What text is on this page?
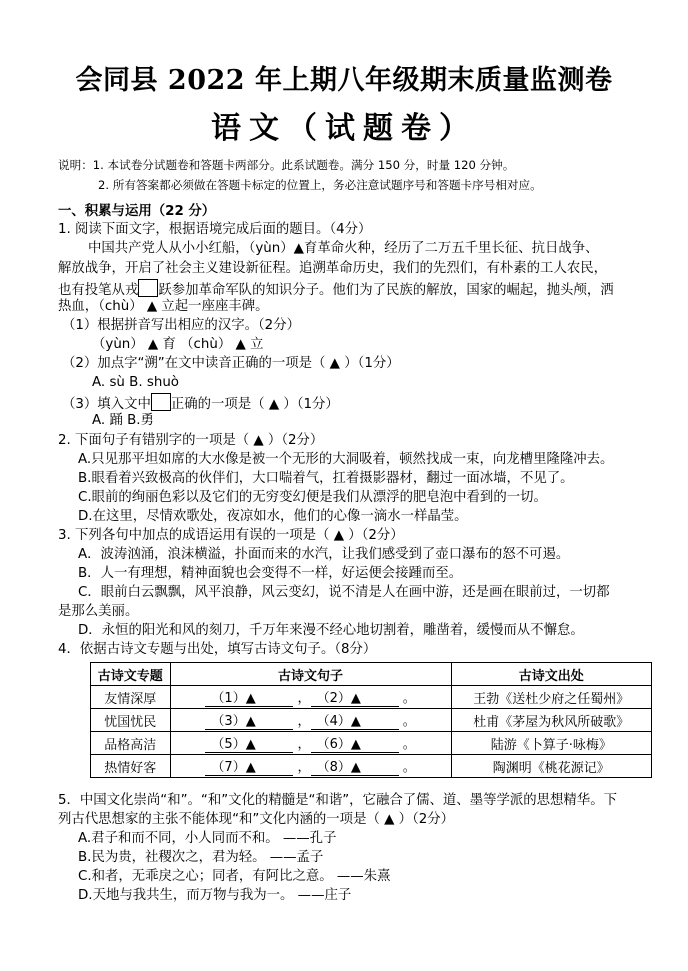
会同县 2022 年上期八年级期末质量监测卷
语文（试题卷）
说明：1. 本试卷分试题卷和答题卡两部分。此系试题卷。满分 150 分，时量 120 分钟。
2. 所有答案都必须做在答题卡标定的位置上，务必注意试题序号和答题卡序号相对应。
一、积累与运用（22 分）
1. 阅读下面文字，根据语境完成后面的题目。（4分）
中国共产党人从小小红船，（yùn）▲育革命火种，经历了二万五千里长征、抗日战争、
解放战争，开启了社会主义建设新征程。追溯革命历史，我们的先烈们，有朴素的工人农民，
也有投笔从戎 跃参加革命军队的知识分子。他们为了民族的解放，国家的崛起，抛头颅，洒
热血，（chù） ▲ 立起一座座丰碑。
（1）根据拼音写出相应的汉字。（2分）
（yùn） ▲ 育 （chù） ▲ 立
（2）加点字“溯”在文中读音正确的一项是（ ▲ ）（1分）
A. sù B. shuò
（3）填入文中 正确的一项是（ ▲ ）（1分）
A. 踊 B.勇
2. 下面句子有错别字的一项是（ ▲ ）（2分）
A.只见那平坦如席的大水像是被一个无形的大洞吸着，顿然找成一束，向龙槽里隆隆冲去。
B.眼看着兴致极高的伙伴们，大口喘着气，扛着摄影器材，翻过一面冰墙，不见了。
C.眼前的绚丽色彩以及它们的无穷变幻便是我们从漂浮的肥皂泡中看到的一切。
D.在这里，尽情欢歌处，夜凉如水，他们的心像一滴水一样晶莹。
3. 下列各句中加点的成语运用有误的一项是（ ▲ ）（2分）
A．波涛汹涌，浪沫横溢，扑面而来的水汽，让我们感受到了壶口瀑布的怒不可遏。
B．人一有理想，精神面貌也会变得不一样，好运便会接踵而至。
C．眼前白云飘飘，风平浪静，风云变幻，说不清是人在画中游，还是画在眼前过，一切都
是那么美丽。
D．永恒的阳光和风的刻刀，千万年来漫不经心地切割着，雕凿着，缓慢而从不懈怠。
4．依据古诗文专题与出处，填写古诗文句子。（8分）
古诗文专题	古诗文句子	古诗文出处
友情深厚	（1）▲ ， （2）▲ 。	王勃《送杜少府之任蜀州》
忧国忧民	（3）▲ ， （4）▲ 。	杜甫《茅屋为秋风所破歌》
品格高洁	（5）▲ ， （6）▲ 。	陆游《卜算子·咏梅》
热情好客	（7）▲ ， （8）▲ 。	陶渊明《桃花源记》
5．中国文化崇尚“和”。“和”文化的精髓是“和谐”，它融合了儒、道、墨等学派的思想精华。下
列古代思想家的主张不能体现“和”文化内涵的一项是（ ▲ ）（2分）
A.君子和而不同，小人同而不和。 ——孔子
B.民为贵，社稷次之，君为轻。 ——孟子
C.和者，无乖戾之心；同者，有阿比之意。 ——朱熹
D.天地与我共生，而万物与我为一。 ——庄子
